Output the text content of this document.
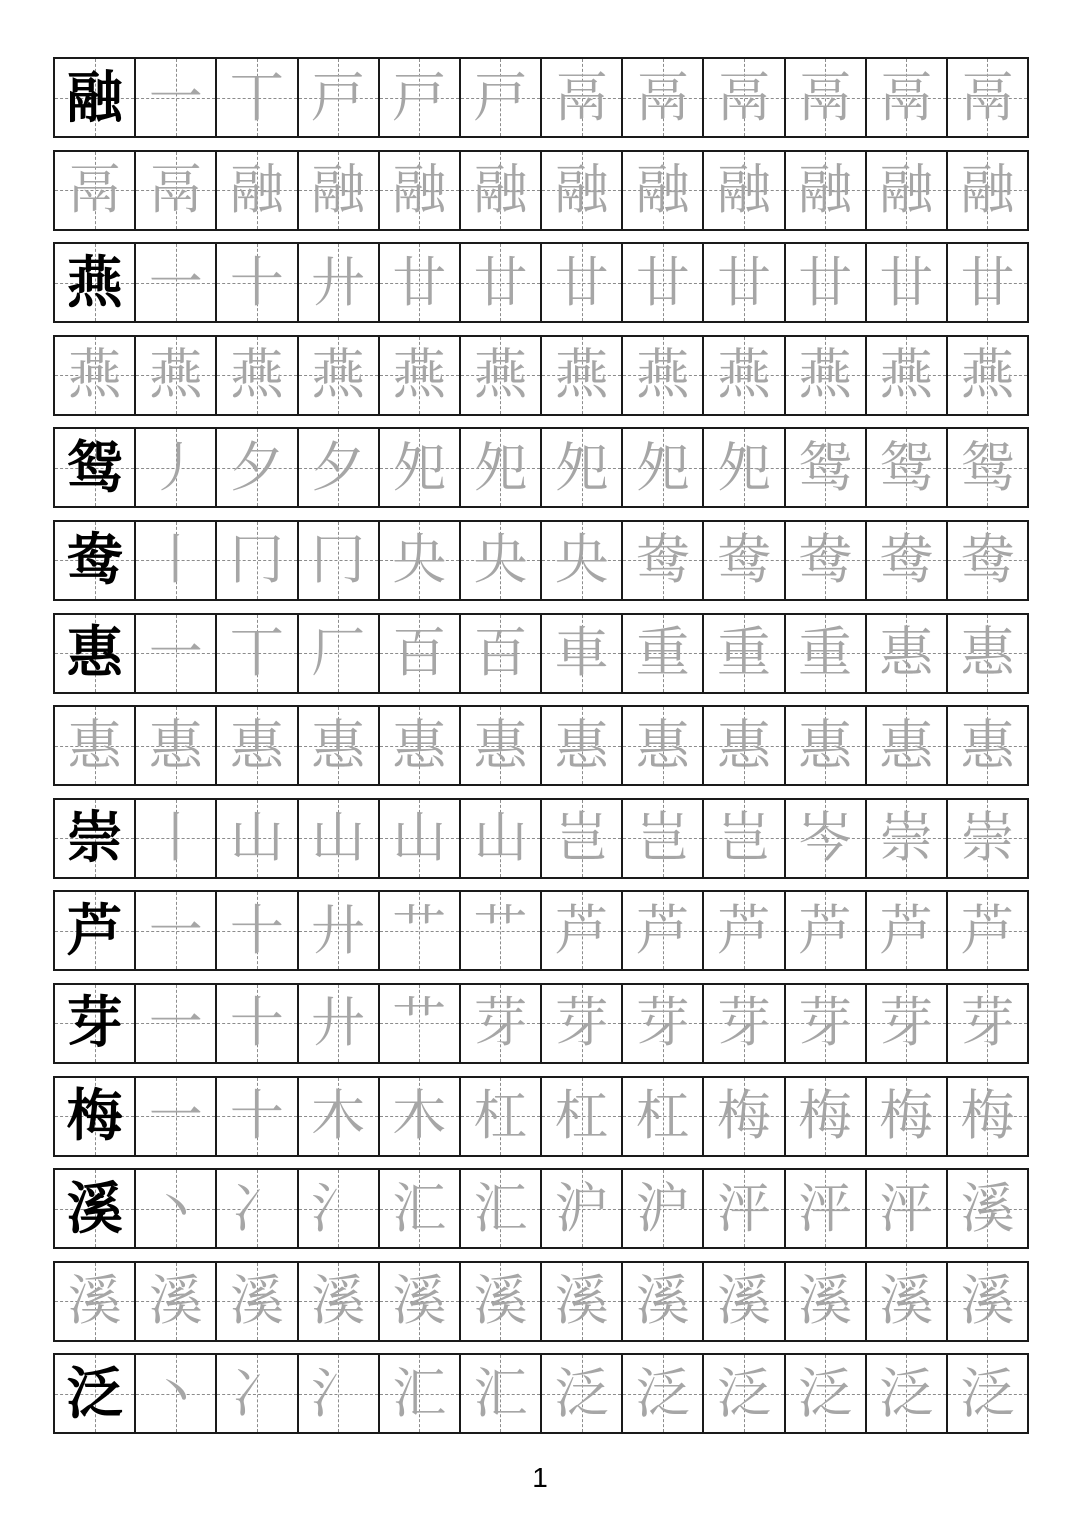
融 一 丅 戸 戸 戸 鬲 鬲 鬲 鬲 鬲 鬲
鬲 鬲 融 融 融 融 融 融 融 融 融 融
燕 一 十 廾 廿 廿 廿 廿 廿 廿 廿 廿
燕 燕 燕 燕 燕 燕 燕 燕 燕 燕 燕 燕
鸳 丿 夕 夕 夗 夗 夗 夗 夗 鸳 鸳 鸳
鸯 丨 冂 冂 央 央 央 鸯 鸯 鸯 鸯 鸯
惠 一 丅 厂 百 百 車 重 重 重 惠 惠
惠 惠 惠 惠 惠 惠 惠 惠 惠 惠 惠 惠
崇 丨 山 山 山 山 岂 岂 岂 岑 崇 崇
芦 一 十 廾 艹 艹 芦 芦 芦 芦 芦 芦
芽 一 十 廾 艹 芽 芽 芽 芽 芽 芽 芽
梅 一 十 木 木 杠 杠 杠 梅 梅 梅 梅
溪 丶 冫 氵 汇 汇 沪 沪 泙 泙 泙 溪
溪 溪 溪 溪 溪 溪 溪 溪 溪 溪 溪 溪
泛 丶 冫 氵 汇 汇 泛 泛 泛 泛 泛 泛
1
